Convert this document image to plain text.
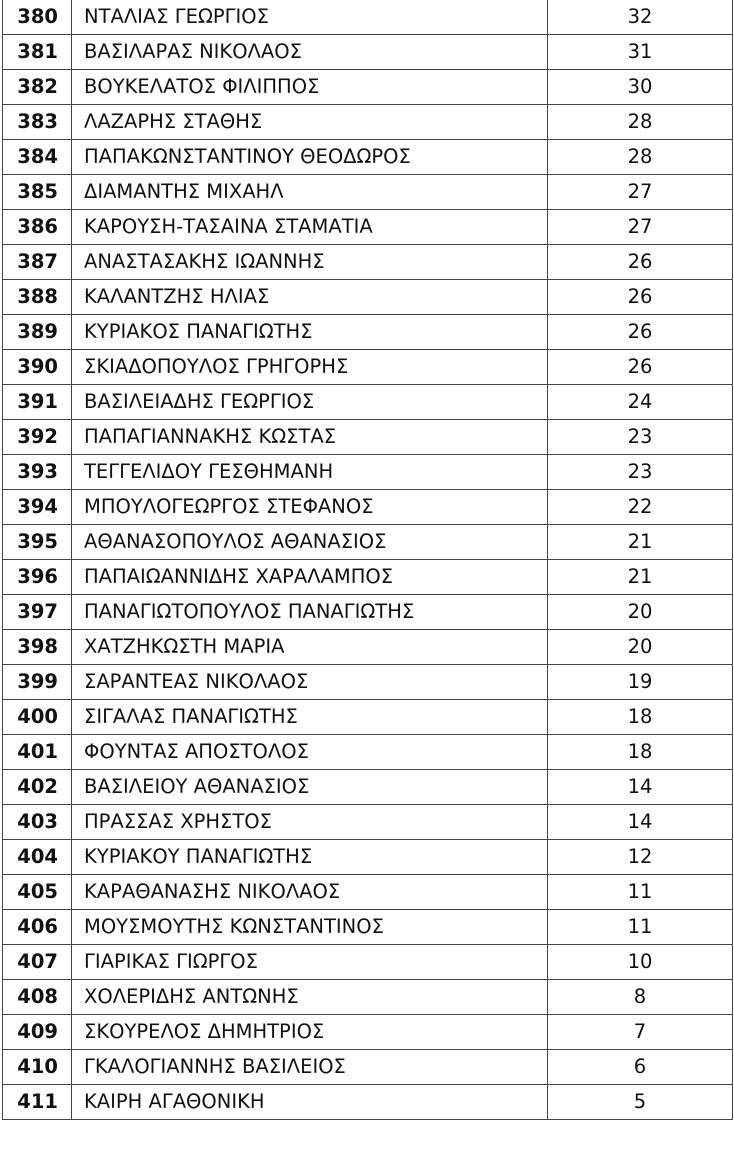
380	ΝΤΑΛΙΑΣ ΓΕΩΡΓΙΟΣ	32
381	ΒΑΣΙΛΑΡΑΣ ΝΙΚΟΛΑΟΣ	31
382	ΒΟΥΚΕΛΑΤΟΣ ΦΙΛΙΠΠΟΣ	30
383	ΛΑΖΑΡΗΣ ΣΤΑΘΗΣ	28
384	ΠΑΠΑΚΩΝΣΤΑΝΤΙΝΟΥ ΘΕΟΔΩΡΟΣ	28
385	ΔΙΑΜΑΝΤΗΣ ΜΙΧΑΗΛ	27
386	ΚΑΡΟΥΣΗ-ΤΑΣΑΙΝΑ ΣΤΑΜΑΤΙΑ	27
387	ΑΝΑΣΤΑΣΑΚΗΣ ΙΩΑΝΝΗΣ	26
388	ΚΑΛΑΝΤΖΗΣ ΗΛΙΑΣ	26
389	ΚΥΡΙΑΚΟΣ ΠΑΝΑΓΙΩΤΗΣ	26
390	ΣΚΙΑΔΟΠΟΥΛΟΣ ΓΡΗΓΟΡΗΣ	26
391	ΒΑΣΙΛΕΙΑΔΗΣ ΓΕΩΡΓΙΟΣ	24
392	ΠΑΠΑΓΙΑΝΝΑΚΗΣ ΚΩΣΤΑΣ	23
393	ΤΕΓΓΕΛΙΔΟΥ ΓΕΣΘΗΜΑΝΗ	23
394	ΜΠΟΥΛΟΓΕΩΡΓΟΣ ΣΤΕΦΑΝΟΣ	22
395	ΑΘΑΝΑΣΟΠΟΥΛΟΣ ΑΘΑΝΑΣΙΟΣ	21
396	ΠΑΠΑΙΩΑΝΝΙΔΗΣ ΧΑΡΑΛΑΜΠΟΣ	21
397	ΠΑΝΑΓΙΩΤΟΠΟΥΛΟΣ ΠΑΝΑΓΙΩΤΗΣ	20
398	ΧΑΤΖΗΚΩΣΤΗ ΜΑΡΙΑ	20
399	ΣΑΡΑΝΤΕΑΣ ΝΙΚΟΛΑΟΣ	19
400	ΣΙΓΑΛΑΣ ΠΑΝΑΓΙΩΤΗΣ	18
401	ΦΟΥΝΤΑΣ ΑΠΟΣΤΟΛΟΣ	18
402	ΒΑΣΙΛΕΙΟΥ ΑΘΑΝΑΣΙΟΣ	14
403	ΠΡΑΣΣΑΣ ΧΡΗΣΤΟΣ	14
404	ΚΥΡΙΑΚΟΥ ΠΑΝΑΓΙΩΤΗΣ	12
405	ΚΑΡΑΘΑΝΑΣΗΣ ΝΙΚΟΛΑΟΣ	11
406	ΜΟΥΣΜΟΥΤΗΣ ΚΩΝΣΤΑΝΤΙΝΟΣ	11
407	ΓΙΑΡΙΚΑΣ ΓΙΩΡΓΟΣ	10
408	ΧΟΛΕΡΙΔΗΣ ΑΝΤΩΝΗΣ	8
409	ΣΚΟΥΡΕΛΟΣ ΔΗΜΗΤΡΙΟΣ	7
410	ΓΚΑΛΟΓΙΑΝΝΗΣ ΒΑΣΙΛΕΙΟΣ	6
411	ΚΑΙΡΗ ΑΓΑΘΟΝΙΚΗ	5
